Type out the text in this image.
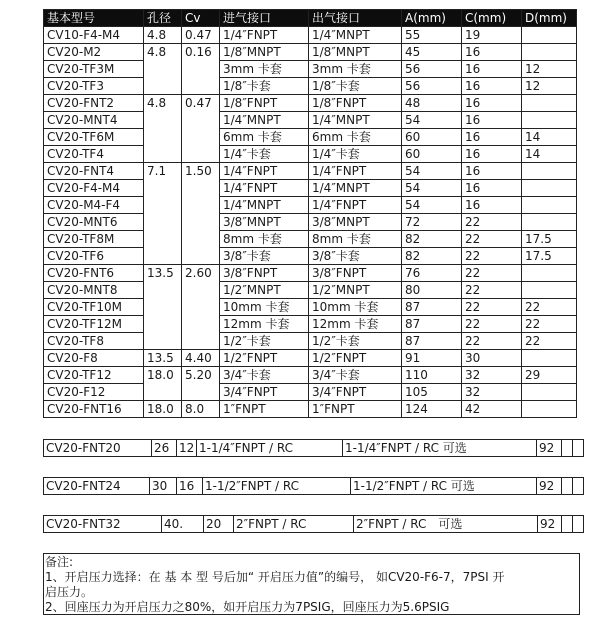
基本型号	孔径	Cv	进气接口	出气接口	A(mm)	C(mm)	D(mm)
CV10-F4-M4	4.8	0.47	1/4″FNPT	1/4″MNPT	55	19	
CV20-M2	4.8	0.16	1/8″MNPT	1/8″MNPT	45	16	
CV20-TF3M			3mm 卡套	3mm 卡套	56	16	12
CV20-TF3			1/8″卡套	1/8″卡套	56	16	12
CV20-FNT2	4.8	0.47	1/8″FNPT	1/8″FNPT	48	16	
CV20-MNT4			1/4″MNPT	1/4″MNPT	54	16	
CV20-TF6M			6mm 卡套	6mm 卡套	60	16	14
CV20-TF4			1/4″卡套	1/4″卡套	60	16	14
CV20-FNT4	7.1	1.50	1/4″FNPT	1/4″FNPT	54	16	
CV20-F4-M4			1/4″FNPT	1/4″MNPT	54	16	
CV20-M4-F4			1/4″MNPT	1/4″FNPT	54	16	
CV20-MNT6			3/8″MNPT	3/8″MNPT	72	22	
CV20-TF8M			8mm 卡套	8mm 卡套	82	22	17.5
CV20-TF6			3/8″卡套	3/8″卡套	82	22	17.5
CV20-FNT6	13.5	2.60	3/8″FNPT	3/8″FNPT	76	22	
CV20-MNT8			1/2″MNPT	1/2″MNPT	80	22	
CV20-TF10M			10mm 卡套	10mm 卡套	87	22	22
CV20-TF12M			12mm 卡套	12mm 卡套	87	22	22
CV20-TF8			1/2″卡套	1/2″卡套	87	22	22
CV20-F8	13.5	4.40	1/2″FNPT	1/2″FNPT	91	30	
CV20-TF12	18.0	5.20	3/4″卡套	3/4″卡套	110	32	29
CV20-F12			3/4″FNPT	3/4″FNPT	105	32	
CV20-FNT16	18.0	8.0	1″FNPT	1″FNPT	124	42	
CV20-FNT20	26	12	1-1/4″FNPT / RC	1-1/4″FNPT / RC 可选	92		
CV20-FNT24	30	16	1-1/2″FNPT / RC	1-1/2″FNPT / RC 可选	92		
CV20-FNT32	40.	20	2″FNPT / RC	2″FNPT / RC　可选	92		
备注:
1、开启压力选择：在 基 本 型 号后加“ 开启压力值”的编号， 如CV20-F6-7，7PSI 开
启压力。
2、回座压力为开启压力之80%，如开启压力为7PSIG，回座压力为5.6PSIG
